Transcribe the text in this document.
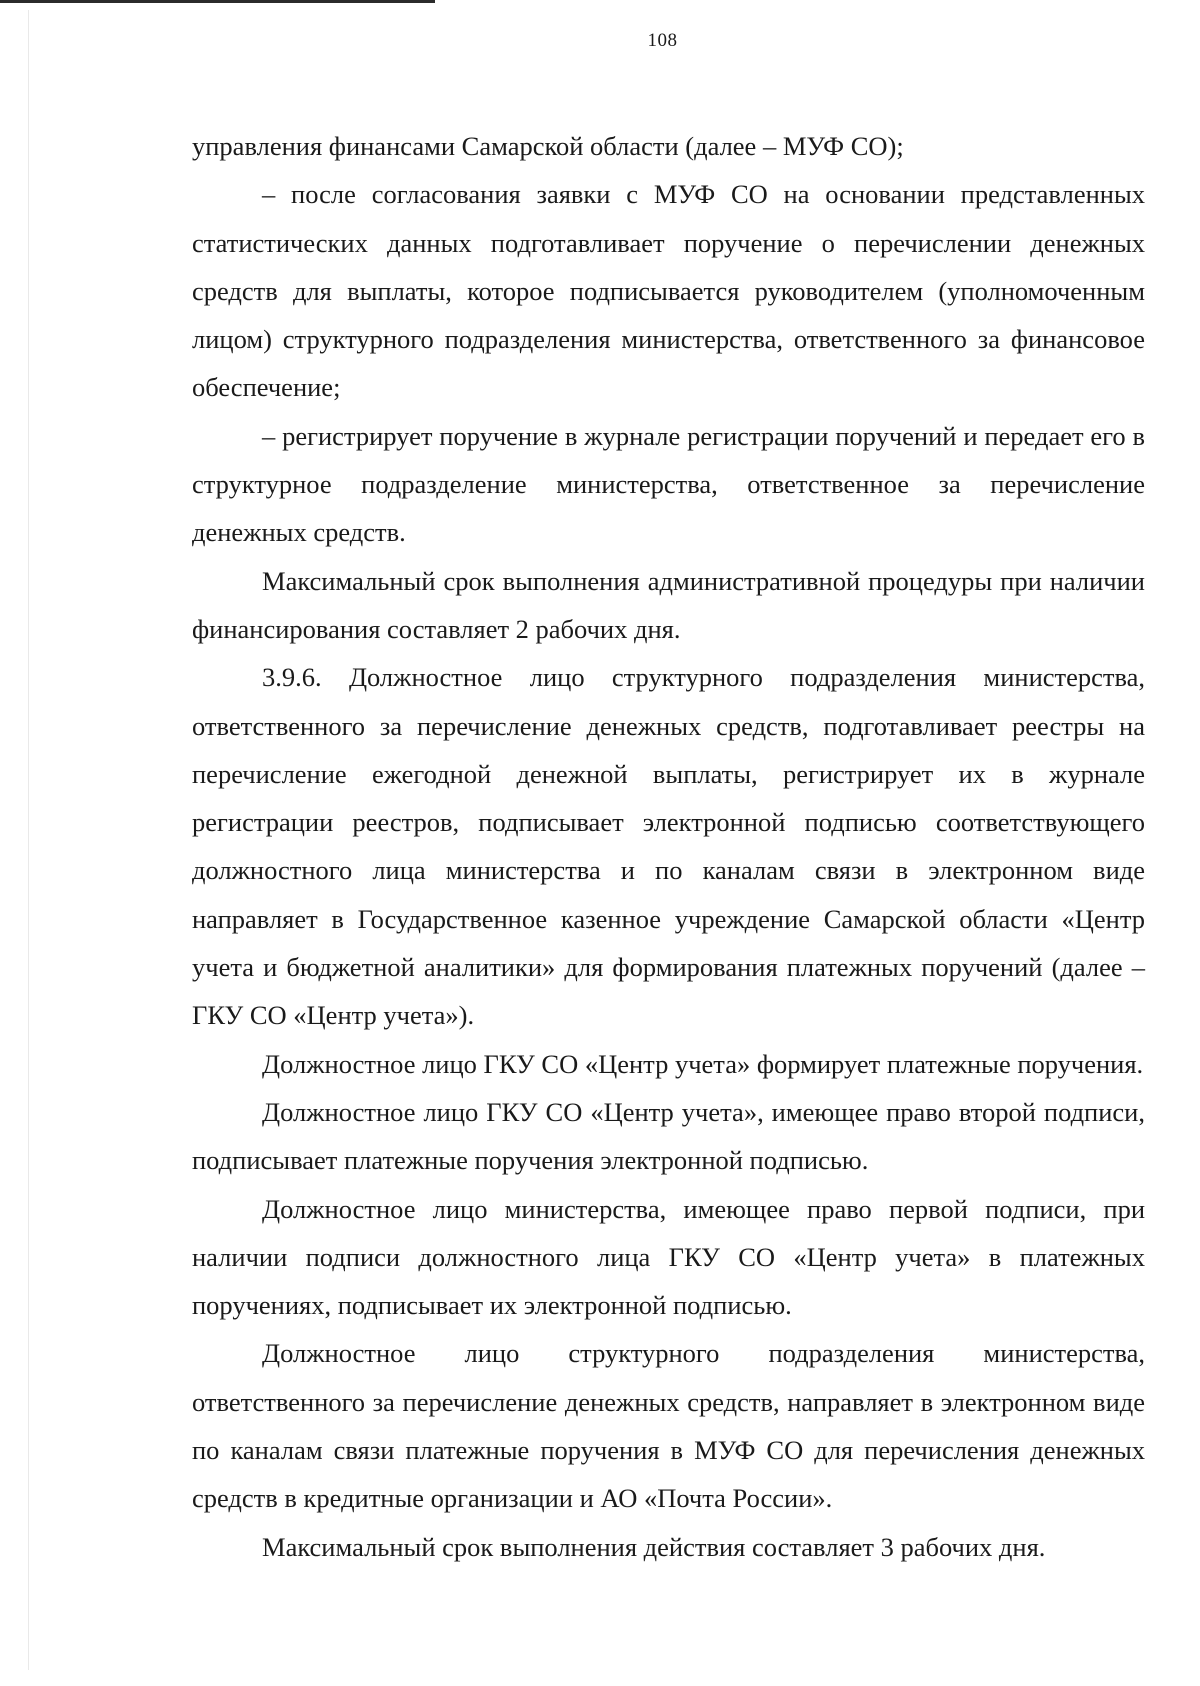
108

управления финансами Самарской области (далее – МУФ СО);

– после согласования заявки с МУФ СО на основании представленных статистических данных подготавливает поручение о перечислении денежных средств для выплаты, которое подписывается руководителем (уполномоченным лицом) структурного подразделения министерства, ответственного за финансовое обеспечение;

– регистрирует поручение в журнале регистрации поручений и передает его в структурное подразделение министерства, ответственное за перечисление денежных средств.

Максимальный срок выполнения административной процедуры при наличии финансирования составляет 2 рабочих дня.

3.9.6. Должностное лицо структурного подразделения министерства, ответственного за перечисление денежных средств, подготавливает реестры на перечисление ежегодной денежной выплаты, регистрирует их в журнале регистрации реестров, подписывает электронной подписью соответствующего должностного лица министерства и по каналам связи в электронном виде направляет в Государственное казенное учреждение Самарской области «Центр учета и бюджетной аналитики» для формирования платежных поручений (далее – ГКУ СО «Центр учета»).

Должностное лицо ГКУ СО «Центр учета» формирует платежные поручения.

Должностное лицо ГКУ СО «Центр учета», имеющее право второй подписи, подписывает платежные поручения электронной подписью.

Должностное лицо министерства, имеющее право первой подписи, при наличии подписи должностного лица ГКУ СО «Центр учета» в платежных поручениях, подписывает их электронной подписью.

Должностное лицо структурного подразделения министерства, ответственного за перечисление денежных средств, направляет в электронном виде по каналам связи платежные поручения в МУФ СО для перечисления денежных средств в кредитные организации и АО «Почта России».

Максимальный срок выполнения действия составляет 3 рабочих дня.
